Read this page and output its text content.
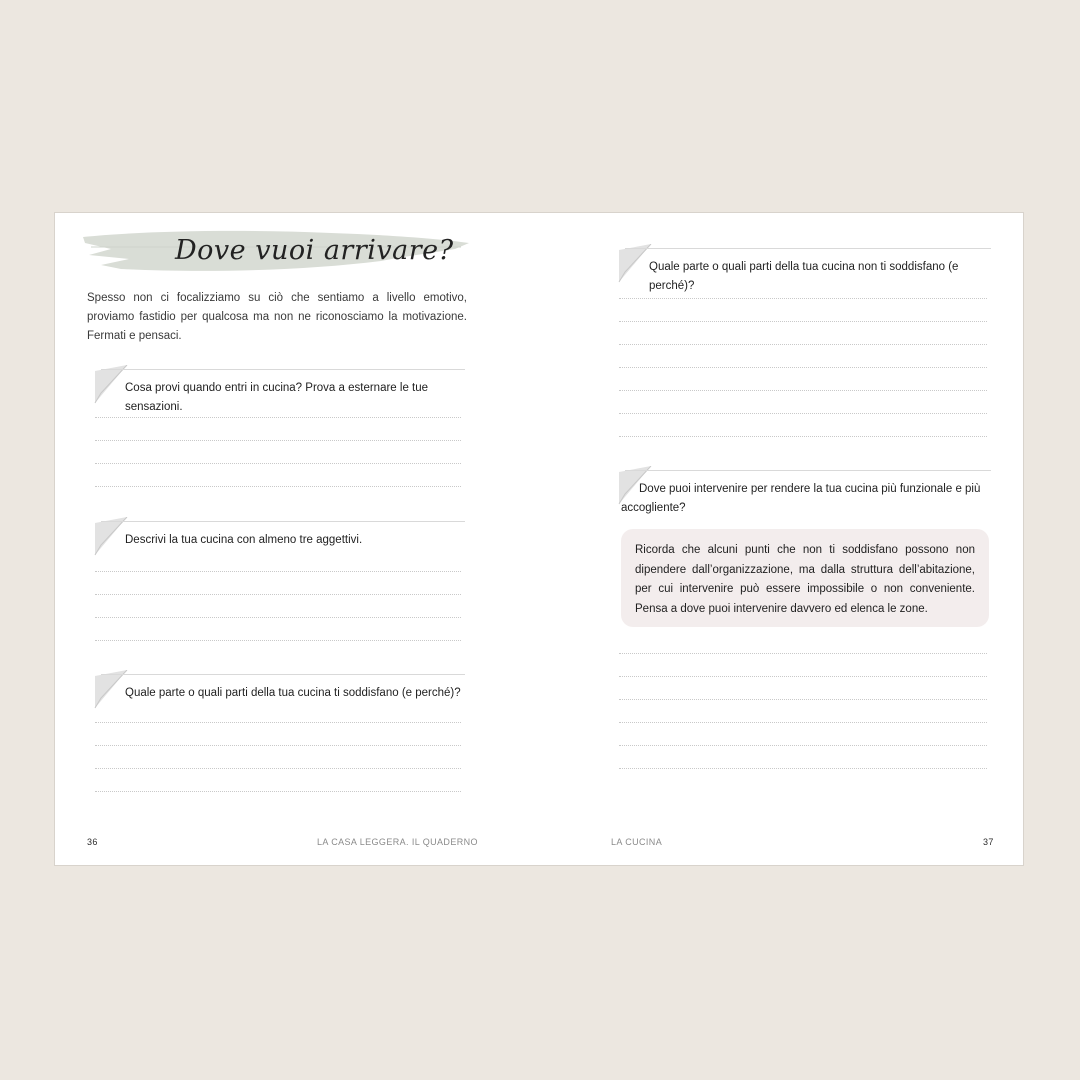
Dove vuoi arrivare?
Spesso non ci focalizziamo su ciò che sentiamo a livello emotivo, proviamo fastidio per qualcosa ma non ne riconosciamo la motivazione. Fermati e pensaci.
Cosa provi quando entri in cucina? Prova a esternare le tue sensazioni.
Descrivi la tua cucina con almeno tre aggettivi.
Quale parte o quali parti della tua cucina ti soddisfano (e perché)?
36	LA CASA LEGGERA. IL QUADERNO
Quale parte o quali parti della tua cucina non ti soddisfano (e perché)?
Dove puoi intervenire per rendere la tua cucina più funzionale e più accogliente?
Ricorda che alcuni punti che non ti soddisfano possono non dipendere dall’organizzazione, ma dalla struttura dell’abitazione, per cui intervenire può essere impossibile o non conveniente. Pensa a dove puoi intervenire davvero ed elenca le zone.
LA CUCINA	37
